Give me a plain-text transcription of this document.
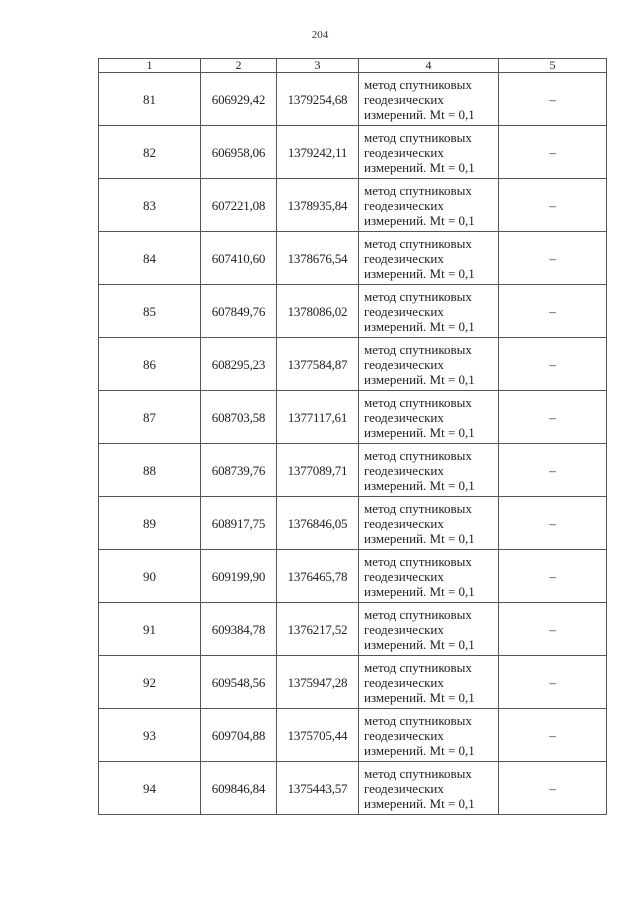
204
1	2	3	4	5
81	606929,42	1379254,68	метод спутниковых
геодезических
измерений. Mt = 0,1	–
82	606958,06	1379242,11	метод спутниковых
геодезических
измерений. Mt = 0,1	–
83	607221,08	1378935,84	метод спутниковых
геодезических
измерений. Mt = 0,1	–
84	607410,60	1378676,54	метод спутниковых
геодезических
измерений. Mt = 0,1	–
85	607849,76	1378086,02	метод спутниковых
геодезических
измерений. Mt = 0,1	–
86	608295,23	1377584,87	метод спутниковых
геодезических
измерений. Mt = 0,1	–
87	608703,58	1377117,61	метод спутниковых
геодезических
измерений. Mt = 0,1	–
88	608739,76	1377089,71	метод спутниковых
геодезических
измерений. Mt = 0,1	–
89	608917,75	1376846,05	метод спутниковых
геодезических
измерений. Mt = 0,1	–
90	609199,90	1376465,78	метод спутниковых
геодезических
измерений. Mt = 0,1	–
91	609384,78	1376217,52	метод спутниковых
геодезических
измерений. Mt = 0,1	–
92	609548,56	1375947,28	метод спутниковых
геодезических
измерений. Mt = 0,1	–
93	609704,88	1375705,44	метод спутниковых
геодезических
измерений. Mt = 0,1	–
94	609846,84	1375443,57	метод спутниковых
геодезических
измерений. Mt = 0,1	–
